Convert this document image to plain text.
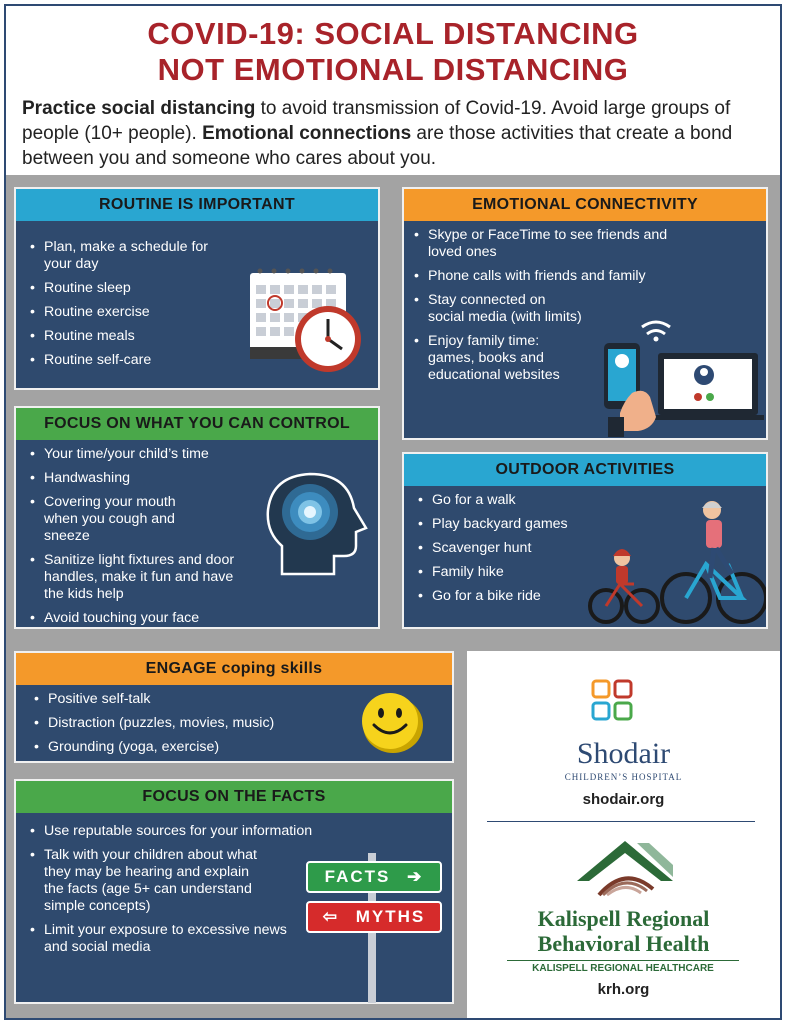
COVID-19: SOCIAL DISTANCING
NOT EMOTIONAL DISTANCING

Practice social distancing to avoid transmission of Covid-19. Avoid large groups of people (10+ people). Emotional connections are those activities that create a bond between you and someone who cares about you.

ROUTINE IS IMPORTANT
• Plan, make a schedule for your day
• Routine sleep
• Routine exercise
• Routine meals
• Routine self-care
EMOTIONAL CONNECTIVITY
• Skype or FaceTime to see friends and loved ones
• Phone calls with friends and family
• Stay connected on social media (with limits)
• Enjoy family time: games, books and educational websites
FOCUS ON WHAT YOU CAN CONTROL
• Your time/your child’s time
• Handwashing
• Covering your mouth when you cough and sneeze
• Sanitize light fixtures and door handles, make it fun and have the kids help
• Avoid touching your face
OUTDOOR ACTIVITIES
• Go for a walk
• Play backyard games
• Scavenger hunt
• Family hike
• Go for a bike ride
ENGAGE coping skills
• Positive self-talk
• Distraction (puzzles, movies, music)
• Grounding (yoga, exercise)
FOCUS ON THE FACTS
• Use reputable sources for your information
• Talk with your children about what they may be hearing and explain the facts (age 5+ can understand simple concepts)
• Limit your exposure to excessive news and social media
FACTS ➔
⇦ MYTHS
Shodair
CHILDREN’S HOSPITAL
shodair.org
Kalispell Regional
Behavioral Health
KALISPELL REGIONAL HEALTHCARE
krh.org
